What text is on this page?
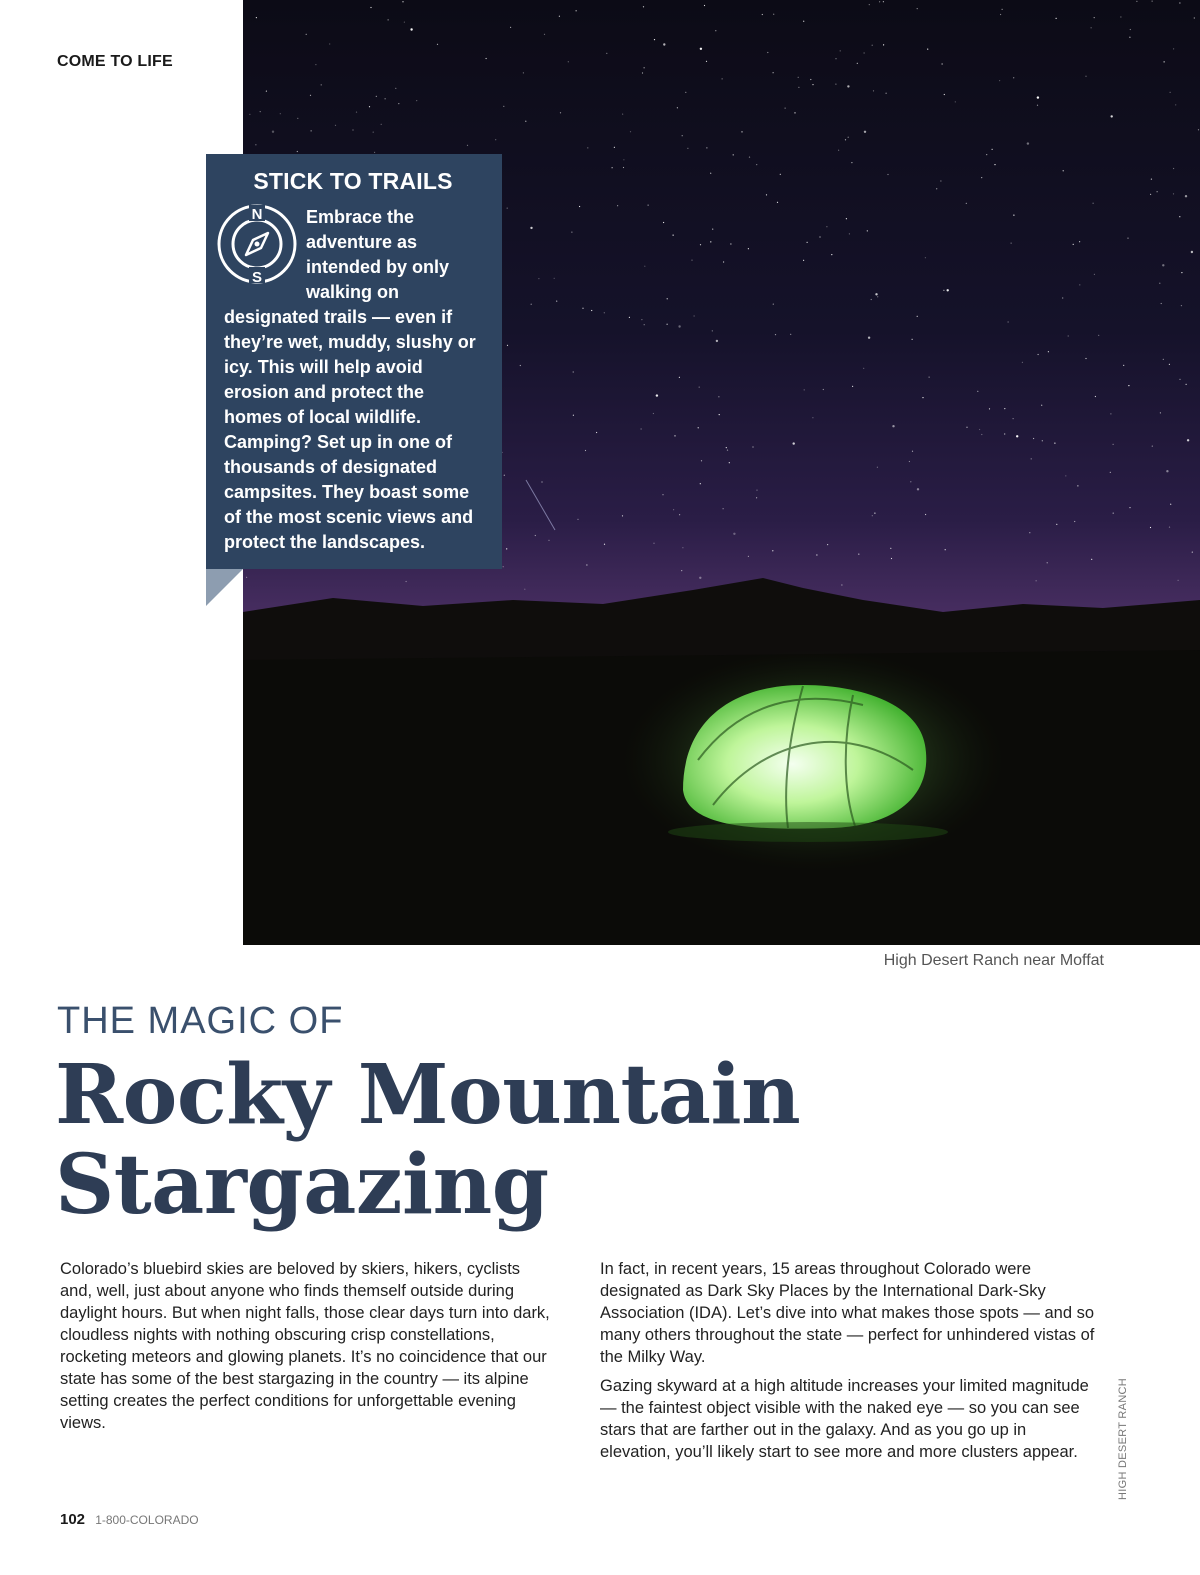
COME TO LIFE
High Desert Ranch near Moffat
STICK TO TRAILS
N
S
Embrace the adventure as intended by only walking on designated trails — even if they’re wet, muddy, slushy or icy. This will help avoid erosion and protect the homes of local wildlife. Camping? Set up in one of thousands of designated campsites. They boast some of the most scenic views and protect the landscapes.
THE MAGIC OF
Rocky Mountain
Stargazing

Colorado’s bluebird skies are beloved by skiers, hikers, cyclists and, well, just about anyone who finds themself outside during daylight hours. But when night falls, those clear days turn into dark, cloudless nights with nothing obscuring crisp constellations, rocketing meteors and glowing planets. It’s no coincidence that our state has some of the best stargazing in the country — its alpine setting creates the perfect conditions for unforgettable evening views.

In fact, in recent years, 15 areas throughout Colorado were designated as Dark Sky Places by the International Dark-Sky Association (IDA). Let’s dive into what makes those spots — and so many others throughout the state — perfect for unhindered vistas of the Milky Way.

Gazing skyward at a high altitude increases your limited magnitude — the faintest object visible with the naked eye — so you can see stars that are farther out in the galaxy. And as you go up in elevation, you’ll likely start to see more and more clusters appear.	HIGH DESERT RANCH
102 1-800-COLORADO
